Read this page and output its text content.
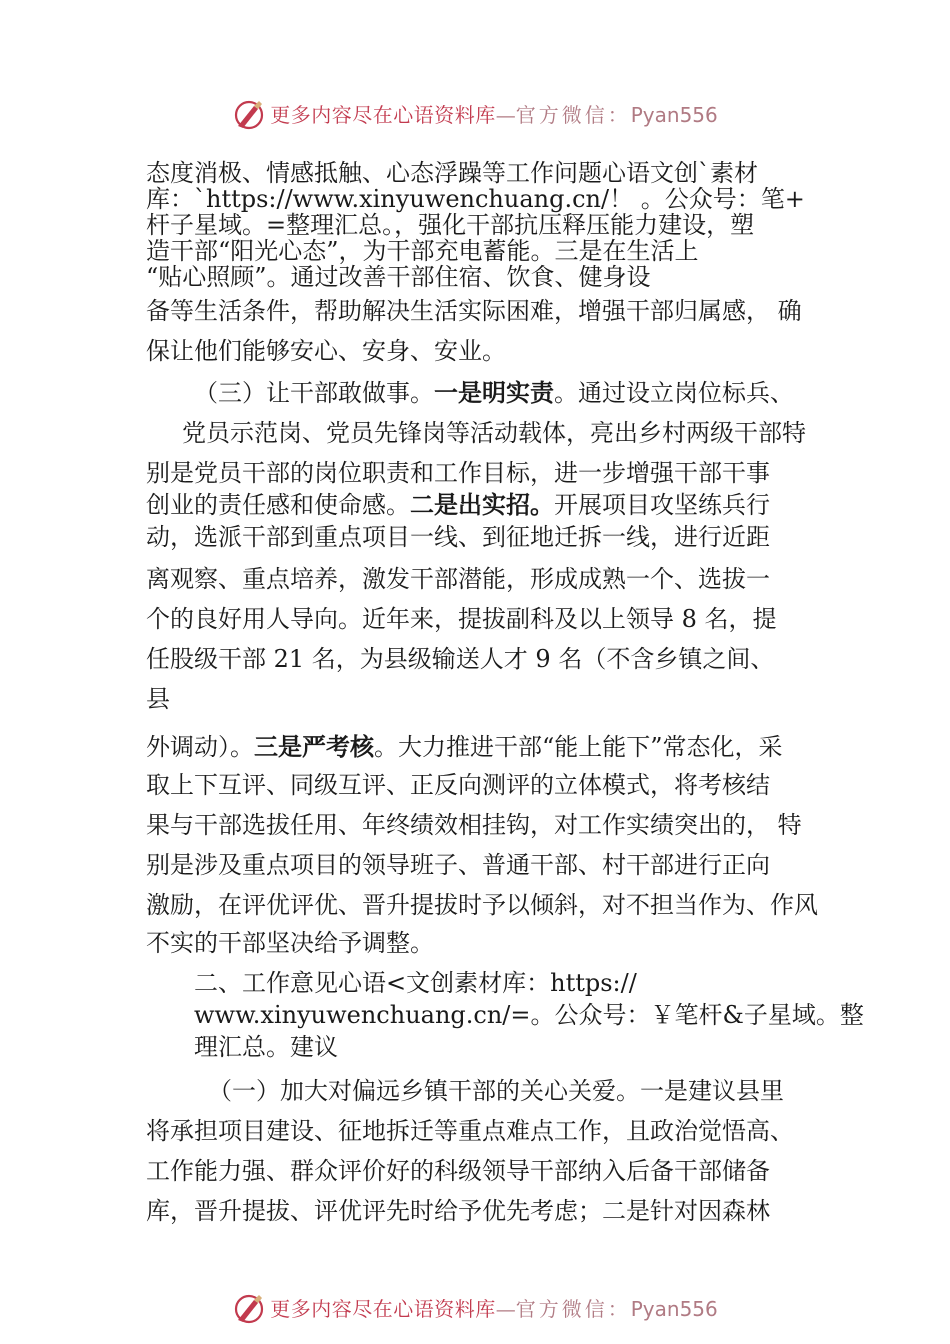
更多内容尽在心语资料库 — 官方微信： Pyan556

态度消极、情感抵触、心态浮躁等工作问题心语文创`素材

库：`https://www.xinyuwenchuang.cn/！ 。公众号：笔+

杆子星域。=整理汇总。，强化干部抗压释压能力建设，塑

造干部“阳光心态”，为干部充电蓄能。三是在生活上

“贴心照顾”。通过改善干部住宿、饮食、健身设

备等生活条件，帮助解决生活实际困难，增强干部归属感， 确

保让他们能够安心、安身、安业。

（三）让干部敢做事。一是明实责。通过设立岗位标兵、

党员示范岗、党员先锋岗等活动载体，亮出乡村两级干部特

别是党员干部的岗位职责和工作目标，进一步增强干部干事

创业的责任感和使命感。二是出实招。开展项目攻坚练兵行

动，选派干部到重点项目一线、到征地迁拆一线，进行近距

离观察、重点培养，激发干部潜能，形成成熟一个、选拔一

个的良好用人导向。近年来，提拔副科及以上领导 8 名，提

任股级干部 21 名，为县级输送人才 9 名（不含乡镇之间、

县

外调动）。三是严考核。大力推进干部“能上能下”常态化，采

取上下互评、同级互评、正反向测评的立体模式，将考核结

果与干部选拔任用、年终绩效相挂钩，对工作实绩突出的， 特

别是涉及重点项目的领导班子、普通干部、村干部进行正向

激励，在评优评优、晋升提拔时予以倾斜，对不担当作为、作风

不实的干部坚决给予调整。

二、工作意见心语<文创素材库：https://

www.xinyuwenchuang.cn/=。公众号：￥笔杆&子星域。整

理汇总。建议

（一）加大对偏远乡镇干部的关心关爱。一是建议县里

将承担项目建设、征地拆迁等重点难点工作，且政治觉悟高、

工作能力强、群众评价好的科级领导干部纳入后备干部储备

库，晋升提拔、评优评先时给予优先考虑；二是针对因森林

更多内容尽在心语资料库 — 官方微信： Pyan556
